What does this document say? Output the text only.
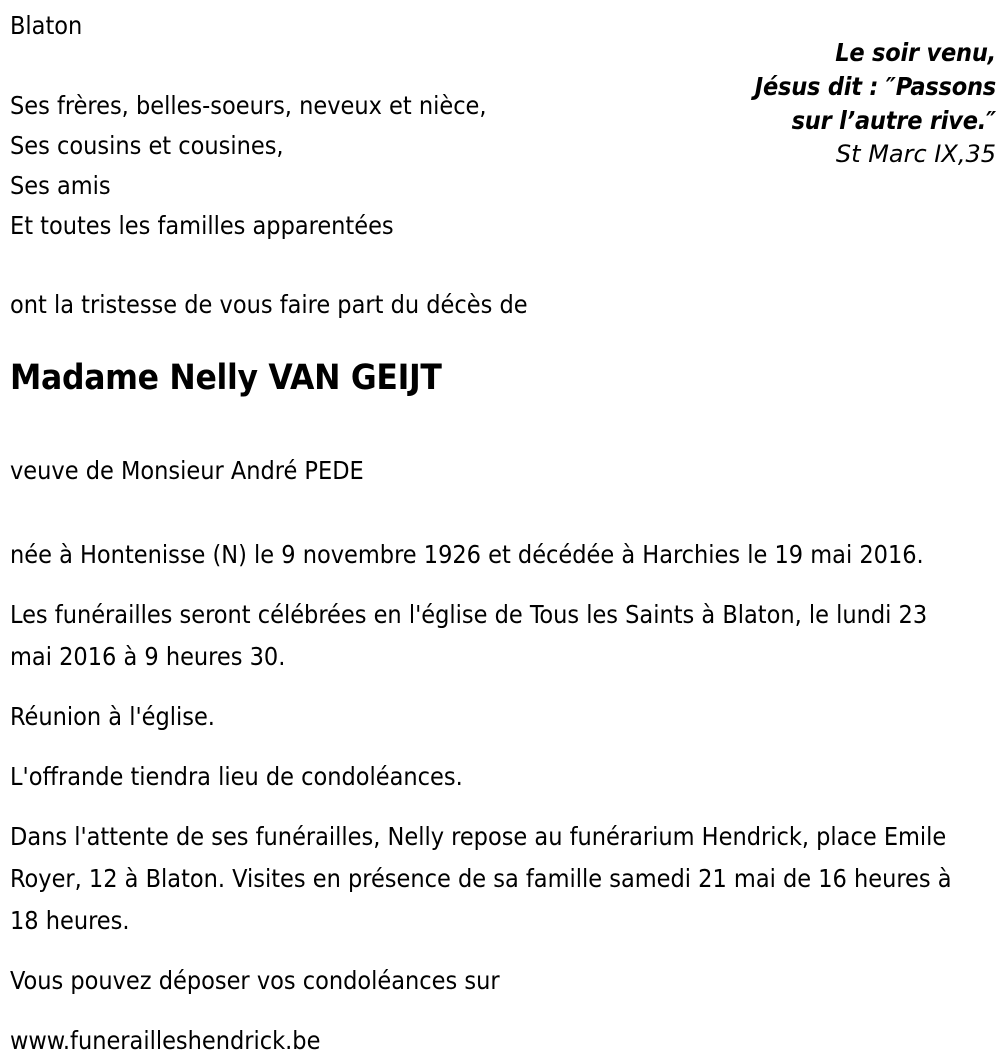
Blaton
Le soir venu,
Jésus dit : ″Passons
sur l’autre rive.″
St Marc IX,35
Ses frères, belles-soeurs, neveux et nièce,
Ses cousins et cousines,
Ses amis
Et toutes les familles apparentées
ont la tristesse de vous faire part du décès de
Madame Nelly VAN GEIJT
veuve de Monsieur André PEDE

née à Hontenisse (N) le 9 novembre 1926 et décédée à Harchies le 19 mai 2016.

Les funérailles seront célébrées en l'église de Tous les Saints à Blaton, le lundi 23 mai 2016 à 9 heures 30.

Réunion à l'église.

L'offrande tiendra lieu de condoléances.

Dans l'attente de ses funérailles, Nelly repose au funérarium Hendrick, place Emile Royer, 12 à Blaton. Visites en présence de sa famille samedi 21 mai de 16 heures à 18 heures.

Vous pouvez déposer vos condoléances sur

www.funerailleshendrick.be
